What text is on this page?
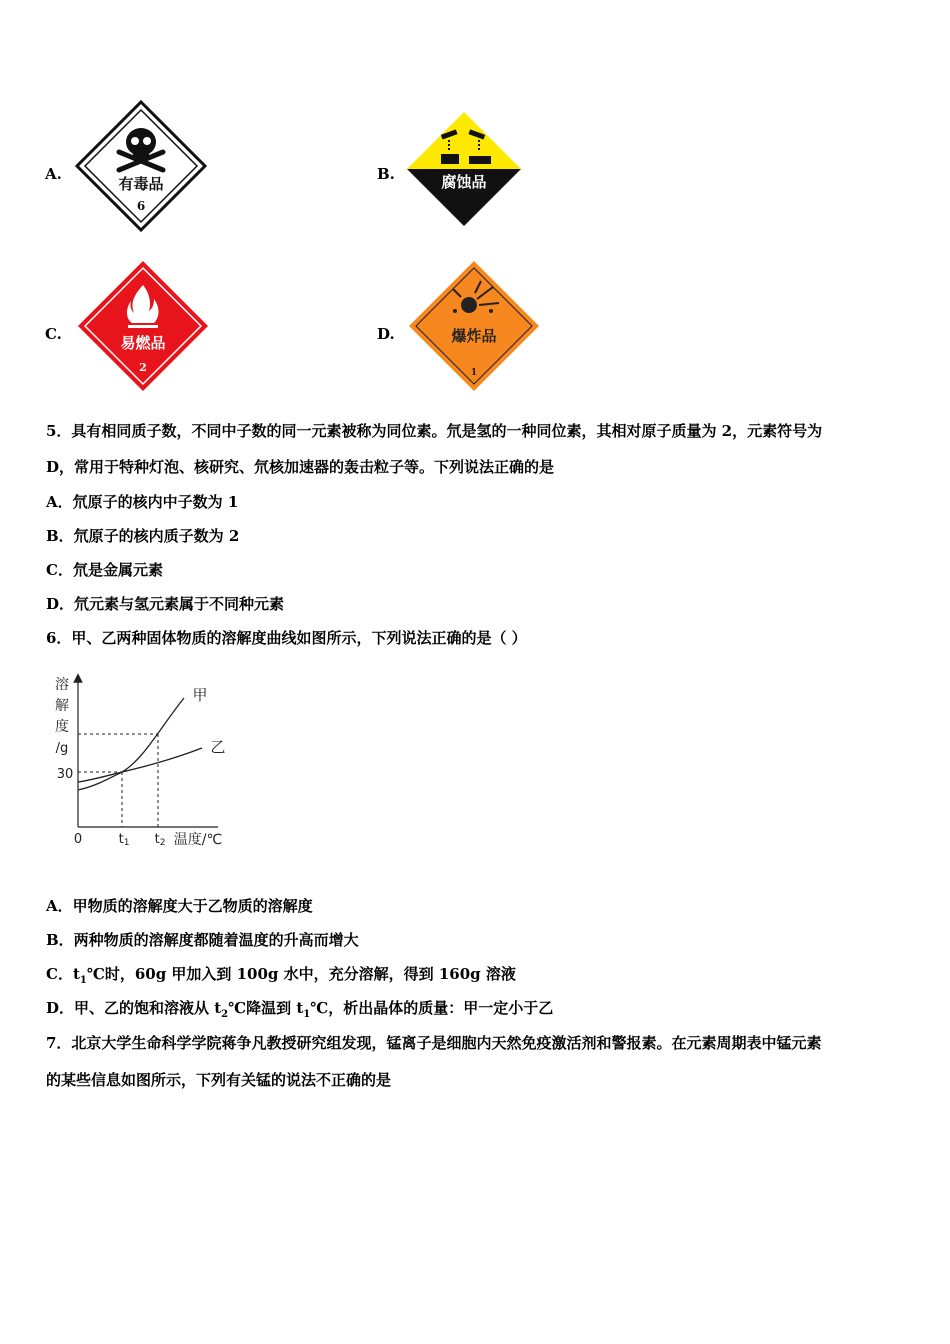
A.
有毒品
6
B.	腐蚀品
C.	易燃品
2
D.	爆炸品
1
5．具有相同质子数，不同中子数的同一元素被称为同位素。氘是氢的一种同位素，其相对原子质量为 2，元素符号为
D，常用于特种灯泡、核研究、氘核加速器的轰击粒子等。下列说法正确的是
A．氘原子的核内中子数为 1
B．氘原子的核内质子数为 2
C．氘是金属元素
D．氘元素与氢元素属于不同种元素
6．甲、乙两种固体物质的溶解度曲线如图所示，下列说法正确的是（ ）
溶
解
度
/g
30
0	t1 t2 温度/℃
甲
乙
A．甲物质的溶解度大于乙物质的溶解度
B．两种物质的溶解度都随着温度的升高而增大
C．$t_1℃$时，60g 甲加入到 100g 水中，充分溶解，得到 160g 溶液
D．甲、乙的饱和溶液从 $t_2℃$降温到 $t_1℃$，析出晶体的质量：甲一定小于乙
7．北京大学生命科学学院蒋争凡教授研究组发现，锰离子是细胞内天然免疫激活剂和警报素。在元素周期表中锰元素
的某些信息如图所示，下列有关锰的说法不正确的是
